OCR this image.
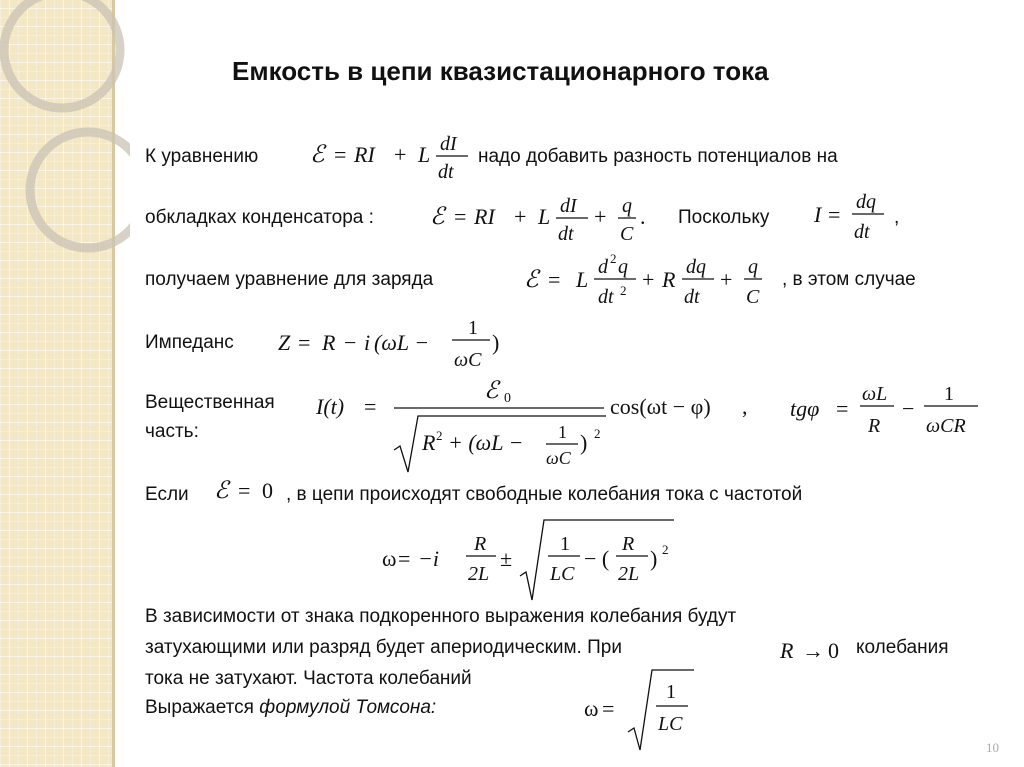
Емкость в цепи квазистационарного тока
К уравнению ℰ = RI + L dI
dt
надо добавить разность потенциалов на
обкладках конденсатора : ℰ = RI + L dI
dt
+ q
C
. Поскольку I = dq
dt
,
получаем уравнение для заряда	ℰ = L d 2 q
dt 2 + R dq
dt
+ q
C
, в этом случае
Импеданс Z = R − i (ωL −
1
ωC
)
Вещественная
часть:
I(t) =
ℰ 0
R 2 + (ωL − 1
ωC
) 2
cos(ωt − φ) , tgφ =
ωL
R
−
1
ωCR
Если ℰ = 0 , в цепи происходят свободные колебания тока с частотой
ω = −i
R
2L
±
1
LC
− (
R
2L
) 2
В зависимости от знака подкоренного выражения колебания будут
затухающими или разряд будет апериодическим. При	R → 0 колебания
тока не затухают. Частота колебаний
Выражается формулой Томсона:	ω =
1
LC
10
